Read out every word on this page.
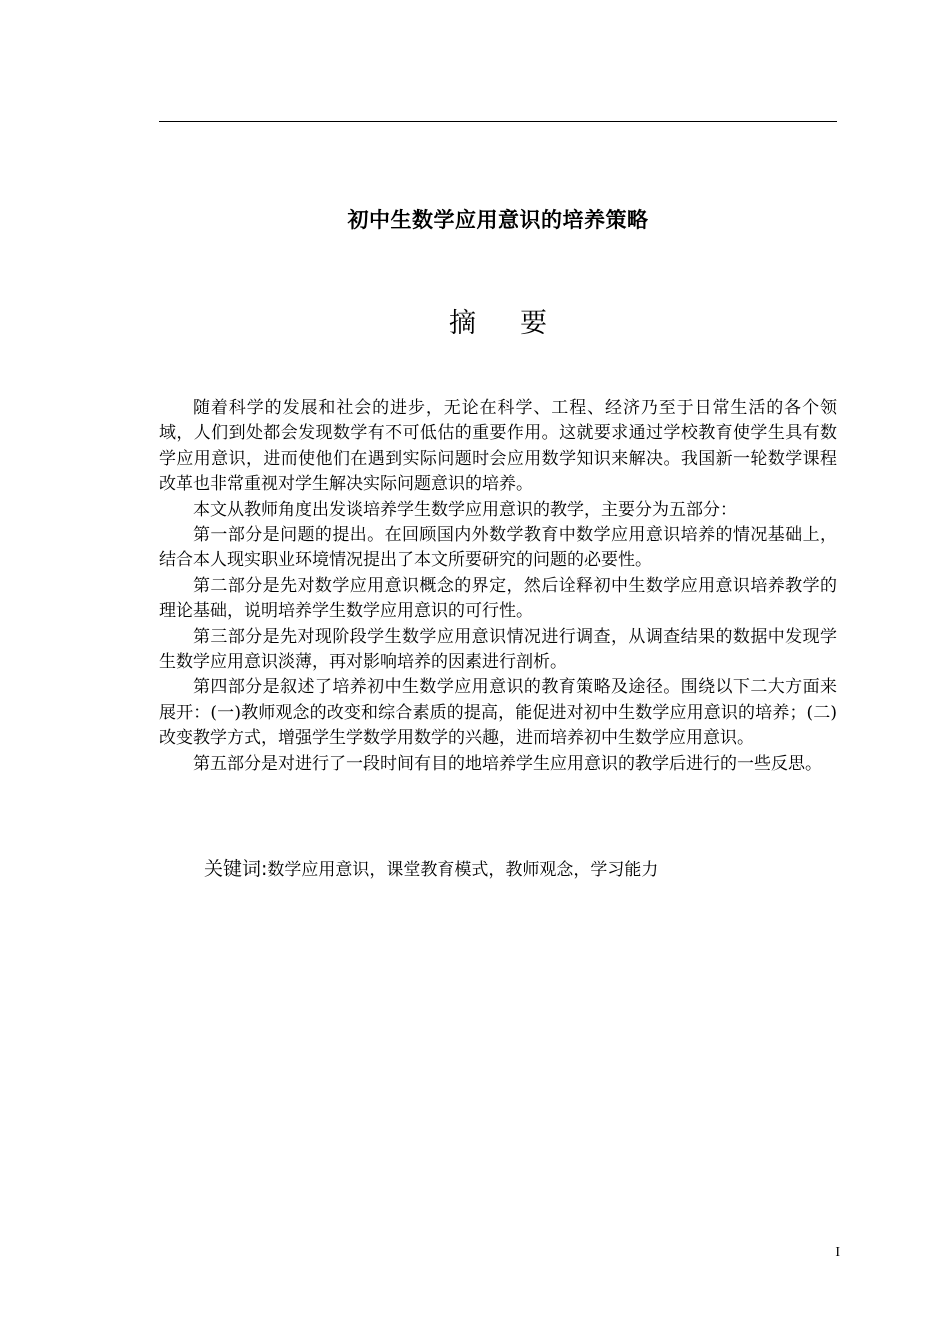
初中生数学应用意识的培养策略
摘 要

随着科学的发展和社会的进步，无论在科学、工程、经济乃至于日常生活的各个领域，人们到处都会发现数学有不可低估的重要作用。这就要求通过学校教育使学生具有数学应用意识，进而使他们在遇到实际问题时会应用数学知识来解决。我国新一轮数学课程改革也非常重视对学生解决实际问题意识的培养。

本文从教师角度出发谈培养学生数学应用意识的教学，主要分为五部分：

第一部分是问题的提出。在回顾国内外数学教育中数学应用意识培养的情况基础上，结合本人现实职业环境情况提出了本文所要研究的问题的必要性。

第二部分是先对数学应用意识概念的界定，然后诠释初中生数学应用意识培养教学的理论基础，说明培养学生数学应用意识的可行性。

第三部分是先对现阶段学生数学应用意识情况进行调查，从调查结果的数据中发现学生数学应用意识淡薄，再对影响培养的因素进行剖析。

第四部分是叙述了培养初中生数学应用意识的教育策略及途径。围绕以下二大方面来展开：(一)教师观念的改变和综合素质的提高，能促进对初中生数学应用意识的培养；(二)改变教学方式，增强学生学数学用数学的兴趣，进而培养初中生数学应用意识。

第五部分是对进行了一段时间有目的地培养学生应用意识的教学后进行的一些反思。

关键词:数学应用意识，课堂教育模式，教师观念，学习能力
I
